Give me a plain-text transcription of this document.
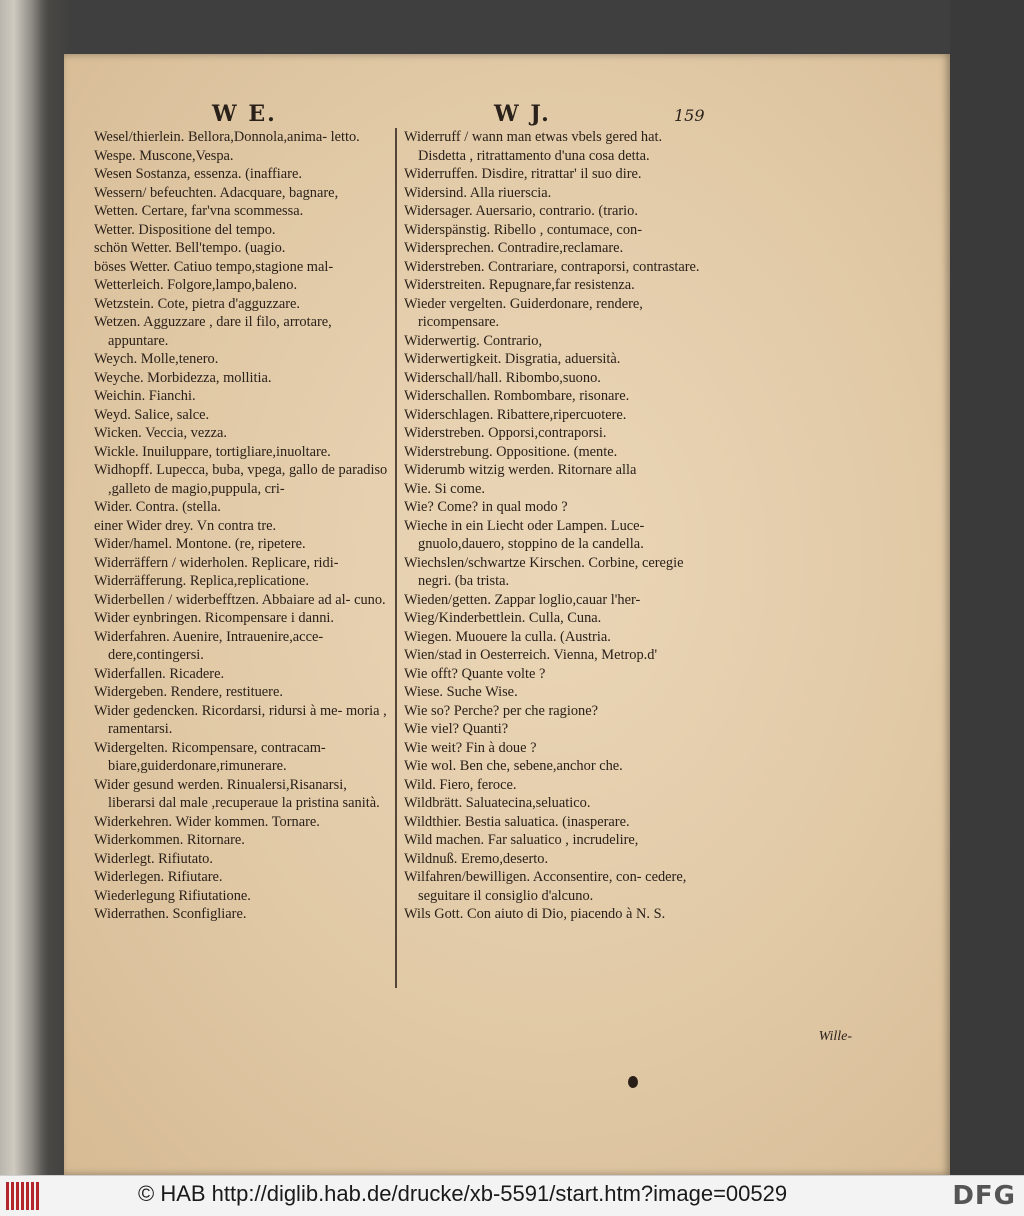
W E.	W J.	159

Wesel/thierlein. Bellora,Donnola,anima- letto.

Wespe. Muscone,Vespa.

Wesen Sostanza, essenza. (inaffiare.

Wessern/ befeuchten. Adacquare, bagnare,

Wetten. Certare, far'vna scommessa.

Wetter. Dispositione del tempo.

schön Wetter. Bell'tempo. (uagio.

böses Wetter. Catiuo tempo,stagione mal-

Wetterleich. Folgore,lampo,baleno.

Wetzstein. Cote, pietra d'agguzzare.

Wetzen. Agguzzare , dare il filo, arrotare, appuntare.

Weych. Molle,tenero.

Weyche. Morbidezza, mollitia.

Weichin. Fianchi.

Weyd. Salice, salce.

Wicken. Veccia, vezza.

Wickle. Inuiluppare, tortigliare,inuoltare.

Widhopff. Lupecca, buba, vpega, gallo de paradiso ,galleto de magio,puppula, cri-

Wider. Contra. (stella.

einer Wider drey. Vn contra tre.

Wider/hamel. Montone. (re, ripetere.

Widerräffern / widerholen. Replicare, ridi-

Widerräfferung. Replica,replicatione.

Widerbellen / widerbefftzen. Abbaiare ad al- cuno.

Wider eynbringen. Ricompensare i danni.

Widerfahren. Auenire, Intrauenire,acce- dere,contingersi.

Widerfallen. Ricadere.

Widergeben. Rendere, restituere.

Wider gedencken. Ricordarsi, ridursi à me- moria , ramentarsi.

Widergelten. Ricompensare, contracam- biare,guiderdonare,rimunerare.

Wider gesund werden. Rinualersi,Risanarsi, liberarsi dal male ,recuperaue la pristina sanità.

Widerkehren. Wider kommen. Tornare.

Widerkommen. Ritornare.

Widerlegt. Rifiutato.

Widerlegen. Rifiutare.

Wiederlegung Rifiutatione.

Widerrathen. Sconfigliare.

Widerruff / wann man etwas vbels gered hat. Disdetta , ritrattamento d'una cosa detta.

Widerruffen. Disdire, ritrattar' il suo dire.

Widersind. Alla riuerscia.

Widersager. Auersario, contrario. (trario.

Widerspänstig. Ribello , contumace, con-

Widersprechen. Contradire,reclamare.

Widerstreben. Contrariare, contraporsi, contrastare.

Widerstreiten. Repugnare,far resistenza.

Wieder vergelten. Guiderdonare, rendere, ricompensare.

Widerwertig. Contrario,

Widerwertigkeit. Disgratia, aduersità.

Widerschall/hall. Ribombo,suono.

Widerschallen. Rombombare, risonare.

Widerschlagen. Ribattere,ripercuotere.

Widerstreben. Opporsi,contraporsi.

Widerstrebung. Oppositione. (mente.

Widerumb witzig werden. Ritornare alla

Wie. Si come.

Wie? Come? in qual modo ?

Wieche in ein Liecht oder Lampen. Luce- gnuolo,dauero, stoppino de la candella.

Wiechslen/schwartze Kirschen. Corbine, ceregie negri. (ba trista.

Wieden/getten. Zappar loglio,cauar l'her-

Wieg/Kinderbettlein. Culla, Cuna.

Wiegen. Muouere la culla. (Austria.

Wien/stad in Oesterreich. Vienna, Metrop.d'

Wie offt? Quante volte ?

Wiese. Suche Wise.

Wie so? Perche? per che ragione?

Wie viel? Quanti?

Wie weit? Fin à doue ?

Wie wol. Ben che, sebene,anchor che.

Wild. Fiero, feroce.

Wildbrätt. Saluatecina,seluatico.

Wildthier. Bestia saluatica. (inasperare.

Wild machen. Far saluatico , incrudelire,

Wildnuß. Eremo,deserto.

Wilfahren/bewilligen. Acconsentire, con- cedere, seguitare il consiglio d'alcuno.

Wils Gott. Con aiuto di Dio, piacendo à N. S.

Wille-
© HAB http://diglib.hab.de/drucke/xb-5591/start.htm?image=00529	DFG
